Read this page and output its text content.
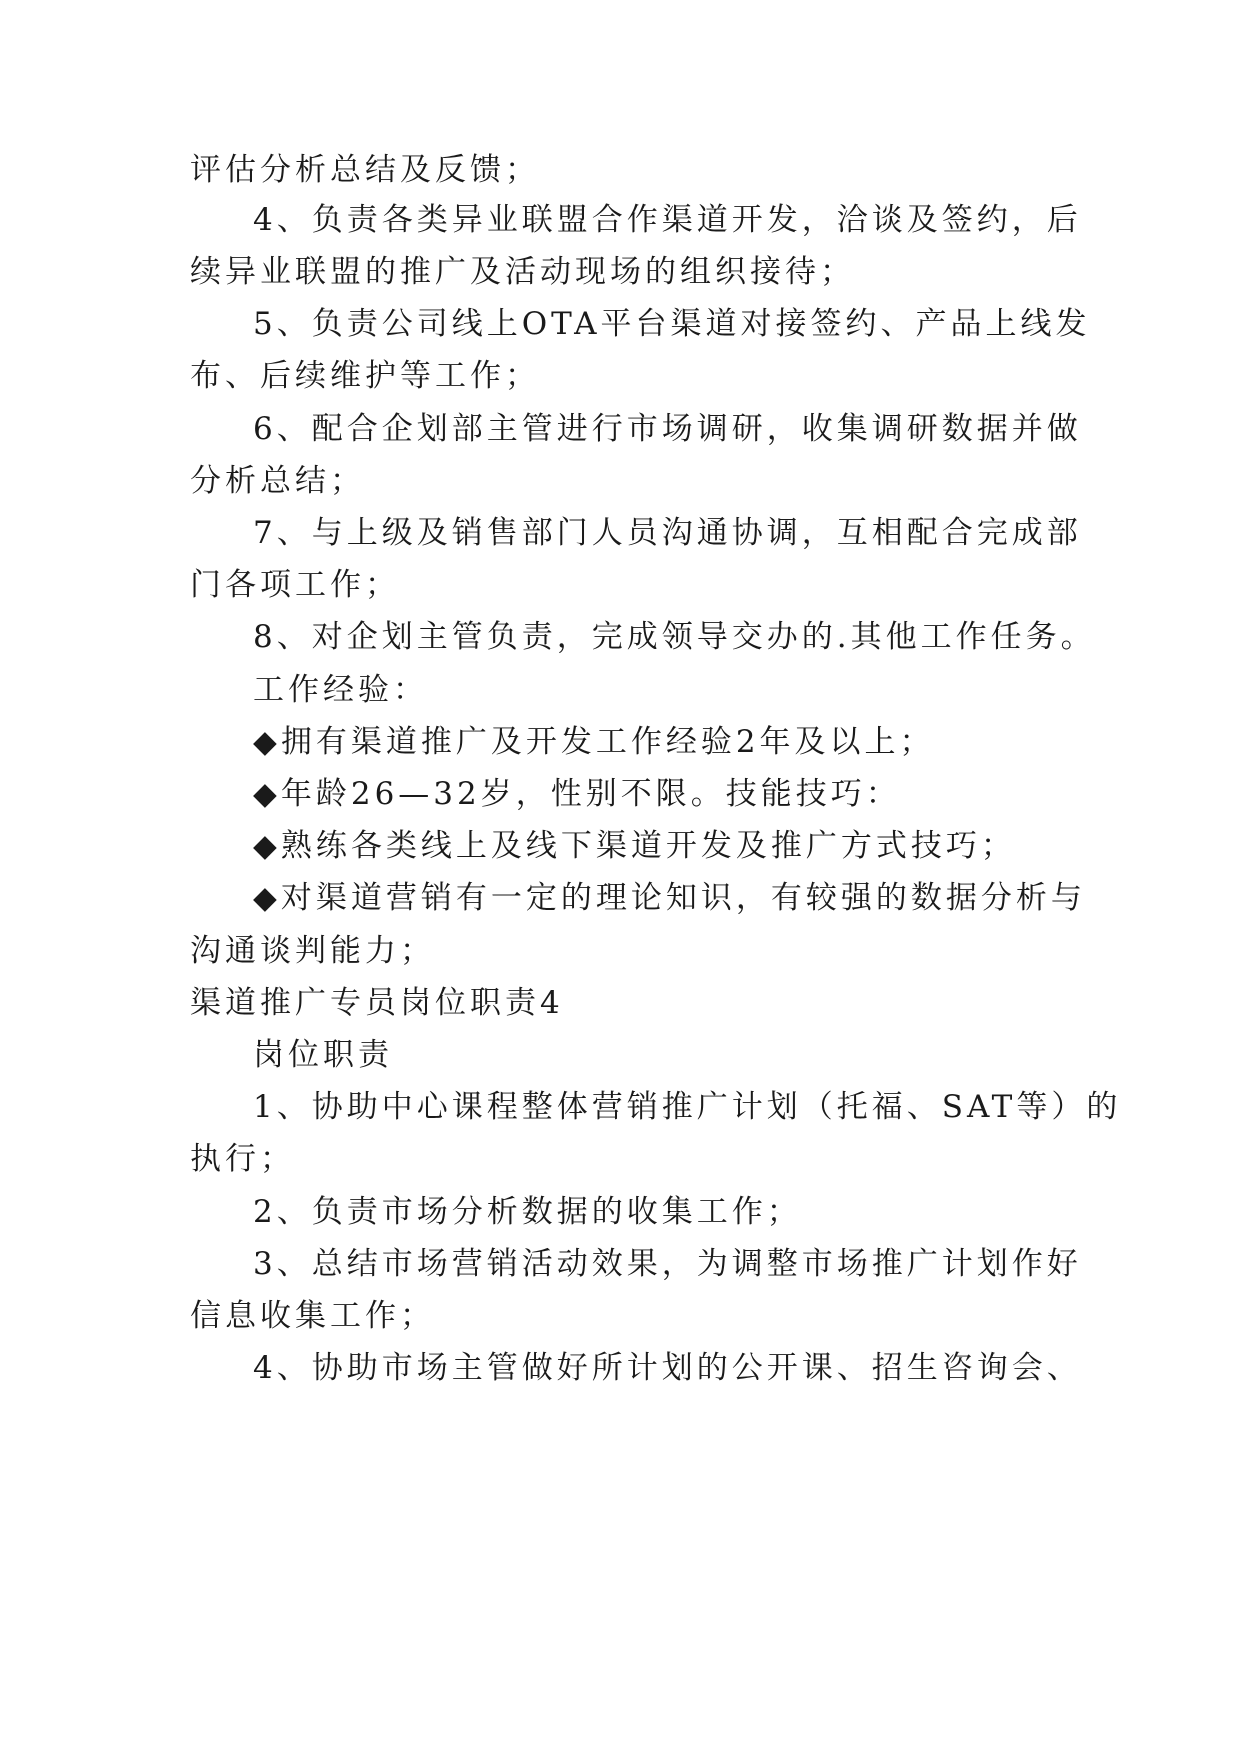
评估分析总结及反馈；
4、负责各类异业联盟合作渠道开发，洽谈及签约，后
续异业联盟的推广及活动现场的组织接待；
5、负责公司线上OTA平台渠道对接签约、产品上线发
布、后续维护等工作；
6、配合企划部主管进行市场调研，收集调研数据并做
分析总结；
7、与上级及销售部门人员沟通协调，互相配合完成部
门各项工作；
8、对企划主管负责，完成领导交办的.其他工作任务。
工作经验：
◆拥有渠道推广及开发工作经验2年及以上；
◆年龄26—32岁，性别不限。技能技巧：
◆熟练各类线上及线下渠道开发及推广方式技巧；
◆对渠道营销有一定的理论知识，有较强的数据分析与
沟通谈判能力；
渠道推广专员岗位职责4
岗位职责
1、协助中心课程整体营销推广计划（托福、SAT等）的
执行；
2、负责市场分析数据的收集工作；
3、总结市场营销活动效果，为调整市场推广计划作好
信息收集工作；
4、协助市场主管做好所计划的公开课、招生咨询会、
